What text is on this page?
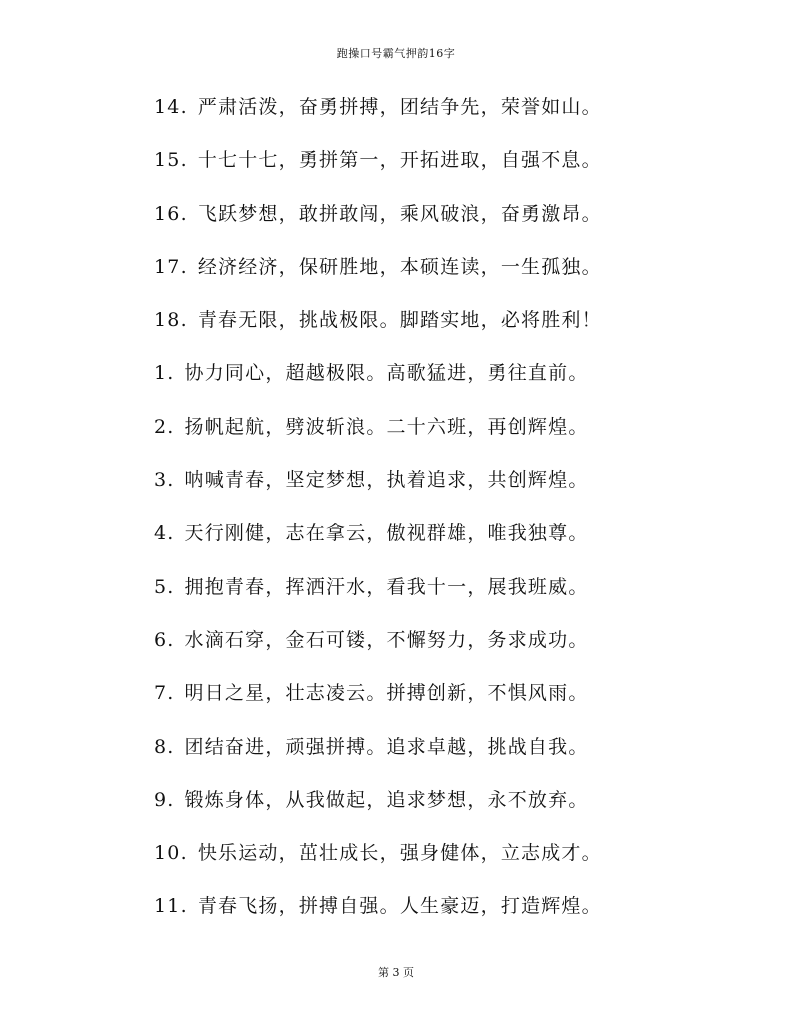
跑操口号霸气押韵16字
14. 严肃活泼，奋勇拼搏，团结争先，荣誉如山。
15. 十七十七，勇拼第一，开拓进取，自强不息。
16. 飞跃梦想，敢拼敢闯，乘风破浪，奋勇激昂。
17. 经济经济，保研胜地，本硕连读，一生孤独。
18. 青春无限，挑战极限。脚踏实地，必将胜利！
1. 协力同心，超越极限。高歌猛进，勇往直前。
2. 扬帆起航，劈波斩浪。二十六班，再创辉煌。
3. 呐喊青春，坚定梦想，执着追求，共创辉煌。
4. 天行刚健，志在拿云，傲视群雄，唯我独尊。
5. 拥抱青春，挥洒汗水，看我十一，展我班威。
6. 水滴石穿，金石可镂，不懈努力，务求成功。
7. 明日之星，壮志凌云。拼搏创新，不惧风雨。
8. 团结奋进，顽强拼搏。追求卓越，挑战自我。
9. 锻炼身体，从我做起，追求梦想，永不放弃。
10. 快乐运动，茁壮成长，强身健体，立志成才。
11. 青春飞扬，拼搏自强。人生豪迈，打造辉煌。
第 3 页
